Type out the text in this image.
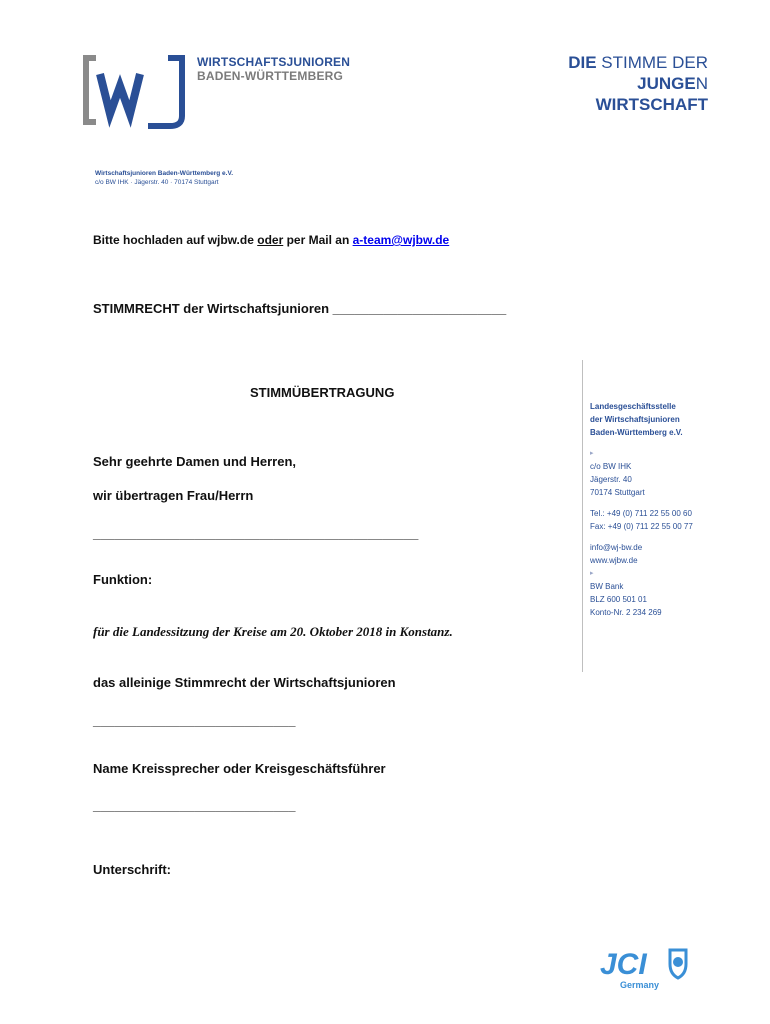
WIRTSCHAFTSJUNIOREN
BADEN-WÜRTTEMBERG
DIE STIMME DER
JUNGEN
WIRTSCHAFT
Wirtschaftsjunioren Baden-Württemberg e.V.
c/o BW IHK · Jägerstr. 40 · 70174 Stuttgart
Bitte hochladen auf wjbw.de oder per Mail an a-team@wjbw.de
STIMMRECHT der Wirtschaftsjunioren ________________________
STIMMÜBERTRAGUNG
Sehr geehrte Damen und Herren,
wir übertragen Frau/Herrn
_____________________________________________
Funktion:
für die Landessitzung der Kreise am 20. Oktober 2018 in Konstanz.
das alleinige Stimmrecht der Wirtschaftsjunioren
____________________________
Name Kreissprecher oder Kreisgeschäftsführer
____________________________
Unterschrift:
Landesgeschäftsstelle
der Wirtschaftsjunioren
Baden-Württemberg e.V.
▸
c/o BW IHK
Jägerstr. 40
70174 Stuttgart
Tel.: +49 (0) 711 22 55 00 60
Fax: +49 (0) 711 22 55 00 77
info@wj-bw.de
www.wjbw.de
▸
BW Bank
BLZ 600 501 01
Konto-Nr. 2 234 269
JCI
Germany
